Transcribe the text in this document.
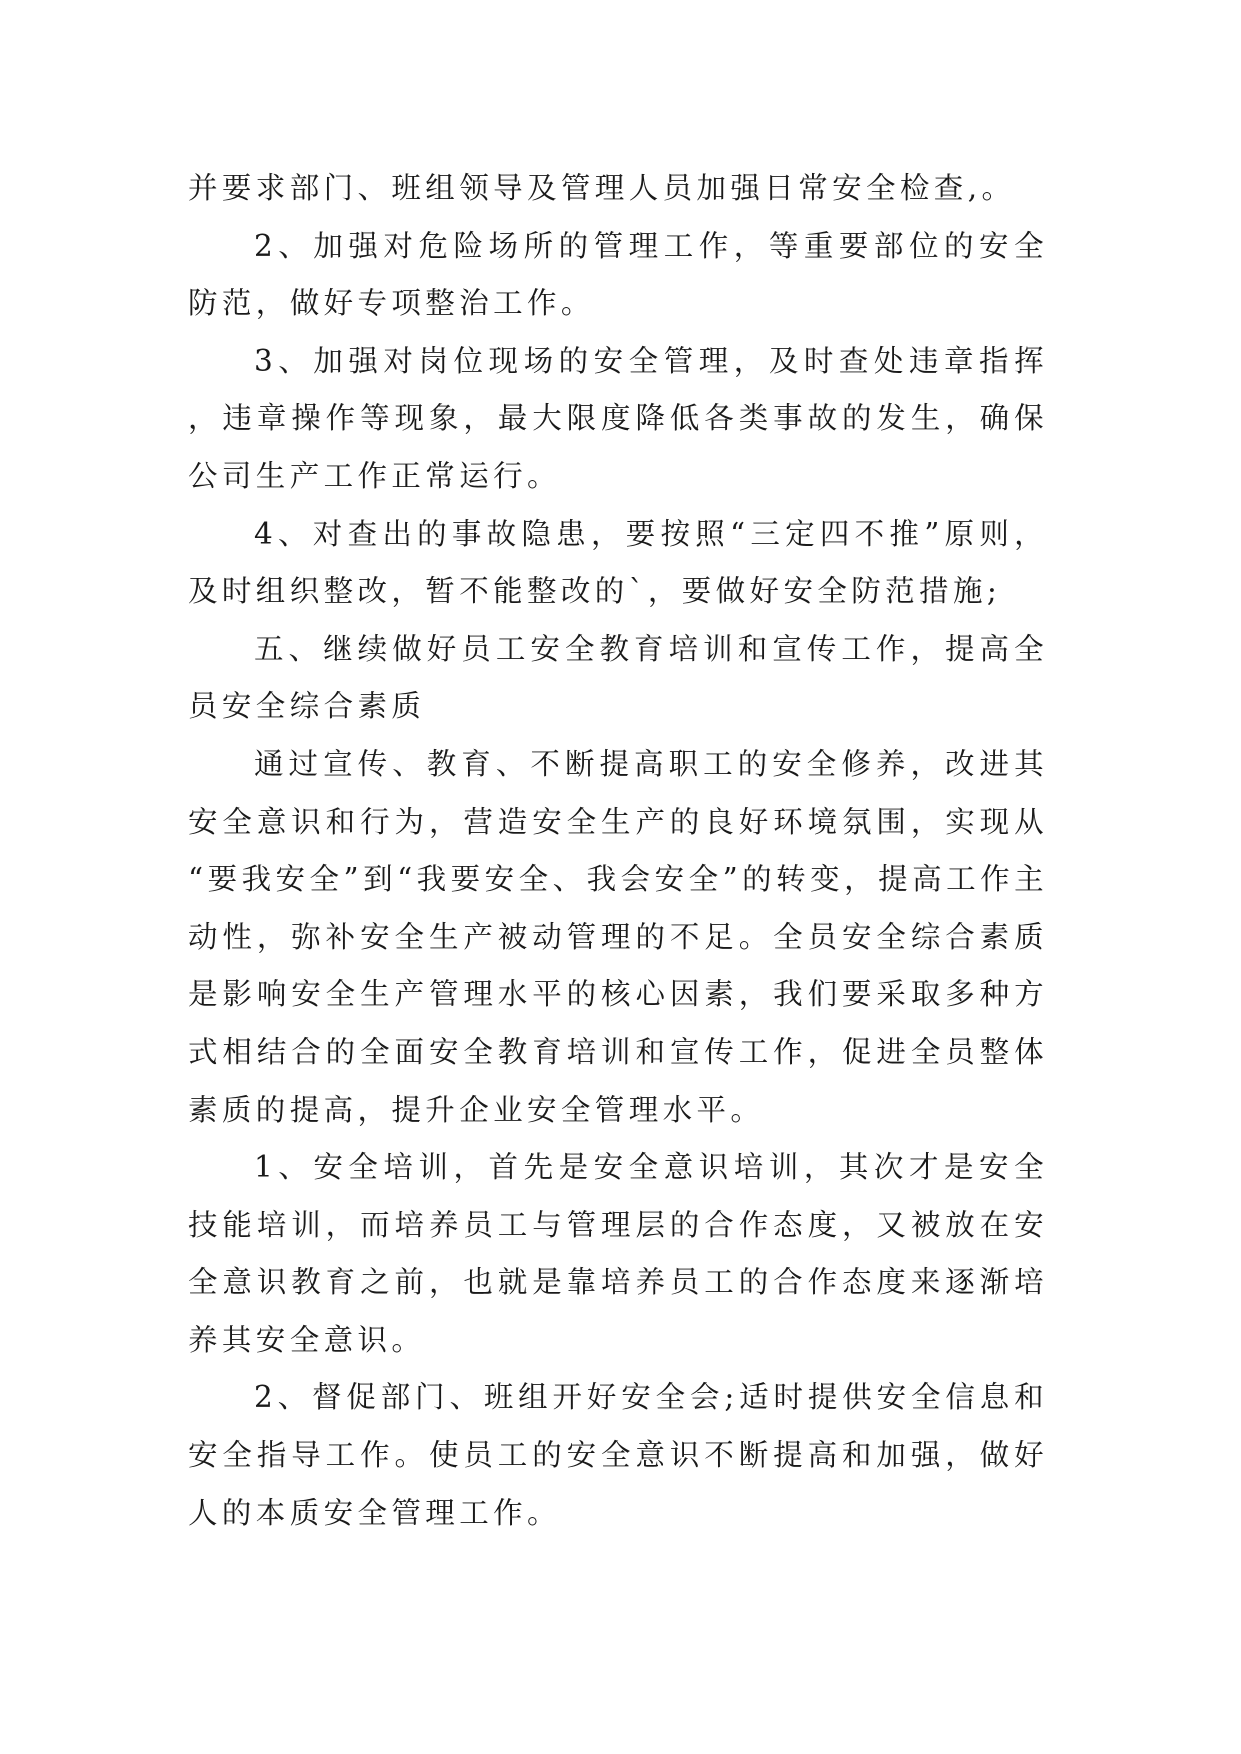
并要求部门、班组领导及管理人员加强日常安全检查,。

2、加强对危险场所的管理工作，等重要部位的安全防范，做好专项整治工作。

3、加强对岗位现场的安全管理，及时查处违章指挥，违章操作等现象，最大限度降低各类事故的发生，确保公司生产工作正常运行。

4、对查出的事故隐患，要按照“三定四不推”原则，及时组织整改，暂不能整改的`，要做好安全防范措施;

五、继续做好员工安全教育培训和宣传工作，提高全员安全综合素质

通过宣传、教育、不断提高职工的安全修养，改进其安全意识和行为，营造安全生产的良好环境氛围，实现从“要我安全”到“我要安全、我会安全”的转变，提高工作主动性，弥补安全生产被动管理的不足。全员安全综合素质是影响安全生产管理水平的核心因素，我们要采取多种方式相结合的全面安全教育培训和宣传工作，促进全员整体素质的提高，提升企业安全管理水平。

1、安全培训，首先是安全意识培训，其次才是安全技能培训，而培养员工与管理层的合作态度，又被放在安全意识教育之前，也就是靠培养员工的合作态度来逐渐培养其安全意识。

2、督促部门、班组开好安全会;适时提供安全信息和安全指导工作。使员工的安全意识不断提高和加强，做好人的本质安全管理工作。
